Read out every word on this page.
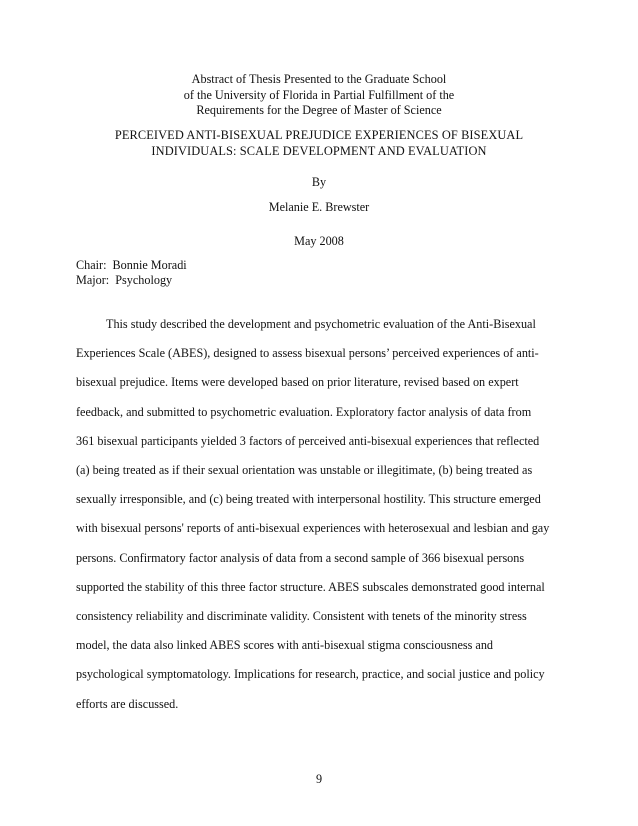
Abstract of Thesis Presented to the Graduate School
of the University of Florida in Partial Fulfillment of the
Requirements for the Degree of Master of Science
PERCEIVED ANTI-BISEXUAL PREJUDICE EXPERIENCES OF BISEXUAL
INDIVIDUALS: SCALE DEVELOPMENT AND EVALUATION
By
Melanie E. Brewster
May 2008
Chair:  Bonnie Moradi
Major:  Psychology
This study described the development and psychometric evaluation of the Anti-Bisexual
Experiences Scale (ABES), designed to assess bisexual persons’ perceived experiences of anti-
bisexual prejudice. Items were developed based on prior literature, revised based on expert
feedback, and submitted to psychometric evaluation. Exploratory factor analysis of data from
361 bisexual participants yielded 3 factors of perceived anti-bisexual experiences that reflected
(a) being treated as if their sexual orientation was unstable or illegitimate, (b) being treated as
sexually irresponsible, and (c) being treated with interpersonal hostility. This structure emerged
with bisexual persons' reports of anti-bisexual experiences with heterosexual and lesbian and gay
persons. Confirmatory factor analysis of data from a second sample of 366 bisexual persons
supported the stability of this three factor structure. ABES subscales demonstrated good internal
consistency reliability and discriminate validity. Consistent with tenets of the minority stress
model, the data also linked ABES scores with anti-bisexual stigma consciousness and
psychological symptomatology. Implications for research, practice, and social justice and policy
efforts are discussed.
9
